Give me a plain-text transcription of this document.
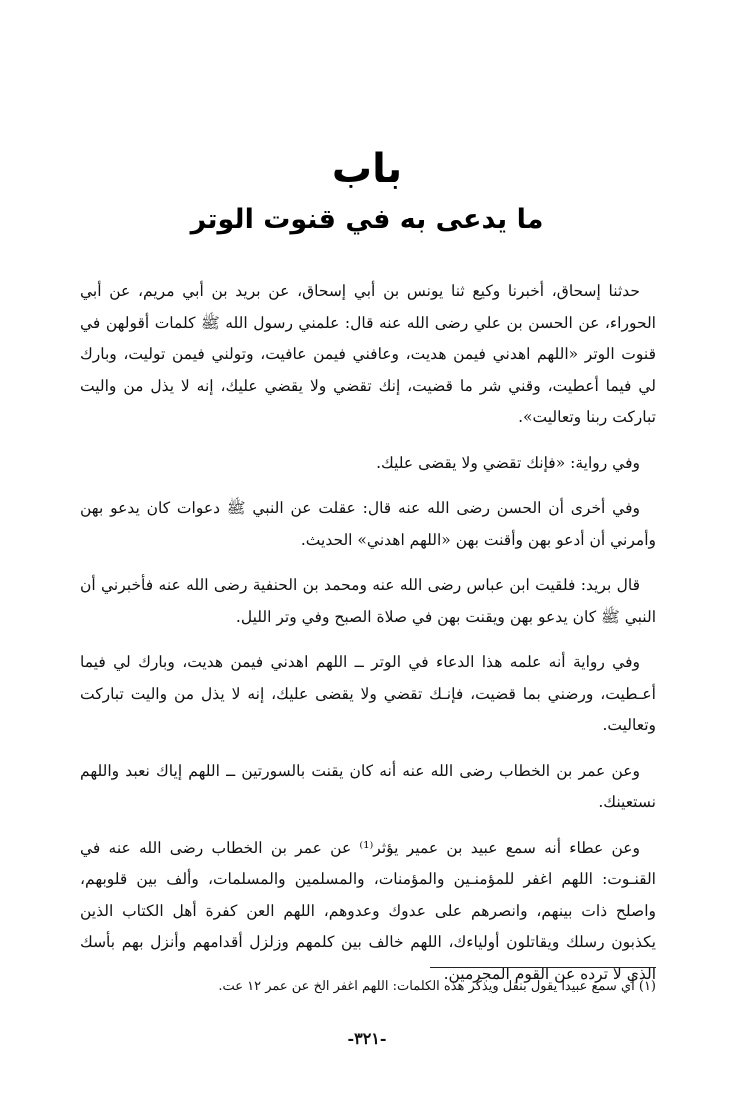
باب
ما يدعى به في قنوت الوتر

حدثنا إسحاق، أخبرنا وكيع ثنا يونس بن أبي إسحاق، عن بريد بن أبي مريم، عن أبي الحوراء، عن الحسن بن علي رضى الله عنه قال: علمني رسول الله ﷺ كلمات أقولهن في قنوت الوتر «اللهم اهدني فيمن هديت، وعافني فيمن عافيت، وتولني فيمن توليت، وبارك لي فيما أعطيت، وقني شر ما قضيت، إنك تقضي ولا يقضي عليك، إنه لا يذل من واليت تباركت ربنا وتعاليت».

وفي رواية: «فإنك تقضي ولا يقضى عليك.

وفي أخرى أن الحسن رضى الله عنه قال: عقلت عن النبي ﷺ دعوات كان يدعو بهن وأمرني أن أدعو بهن وأقنت بهن «اللهم اهدني» الحديث.

قال بريد: فلقيت ابن عباس رضى الله عنه ومحمد بن الحنفية رضى الله عنه فأخبرني أن النبي ﷺ كان يدعو بهن ويقنت بهن في صلاة الصبح وفي وتر الليل.

وفي رواية أنه علمه هذا الدعاء في الوتر ــ اللهم اهدني فيمن هديت، وبارك لي فيما أعـطيت، ورضني بما قضيت، فإنـك تقضي ولا يقضى عليك، إنه لا يذل من واليت تباركت وتعاليت.

وعن عمر بن الخطاب رضى الله عنه أنه كان يقنت بالسورتين ــ اللهم إياك نعبد واللهم نستعينك.

وعن عطاء أنه سمع عبيد بن عمير يؤثر⁽¹⁾ عن عمر بن الخطاب رضى الله عنه في القنـوت: اللهم اغفر للمؤمنـين والمؤمنات، والمسلمين والمسلمات، وألف بين قلوبهم، واصلح ذات بينهم، وانصرهم على عدوك وعدوهم، اللهم العن كفرة أهل الكتاب الذين يكذبون رسلك ويقاتلون أولياءك، اللهم خالف بين كلمهم وزلزل أقدامهم وأنزل بهم بأسك الذي لا ترده عن القوم المجرمين.

(١) أي سمع عبيدا يقول بنقل ويذكر هذه الكلمات: اللهم اغفر الخ عن عمر ١٢ عت.
-٣٢١-
